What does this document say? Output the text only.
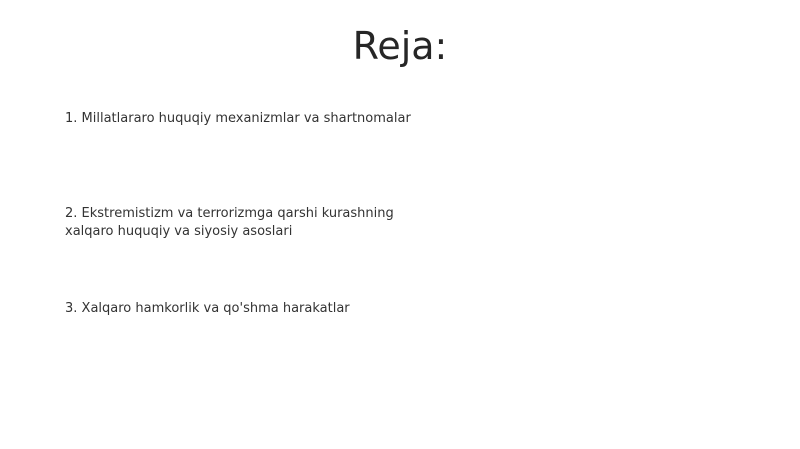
Reja:
1. Millatlararo huquqiy mexanizmlar va shartnomalar
2. Ekstremistizm va terrorizmga qarshi kurashning
xalqaro huquqiy va siyosiy asoslari
3. Xalqaro hamkorlik va qo'shma harakatlar
